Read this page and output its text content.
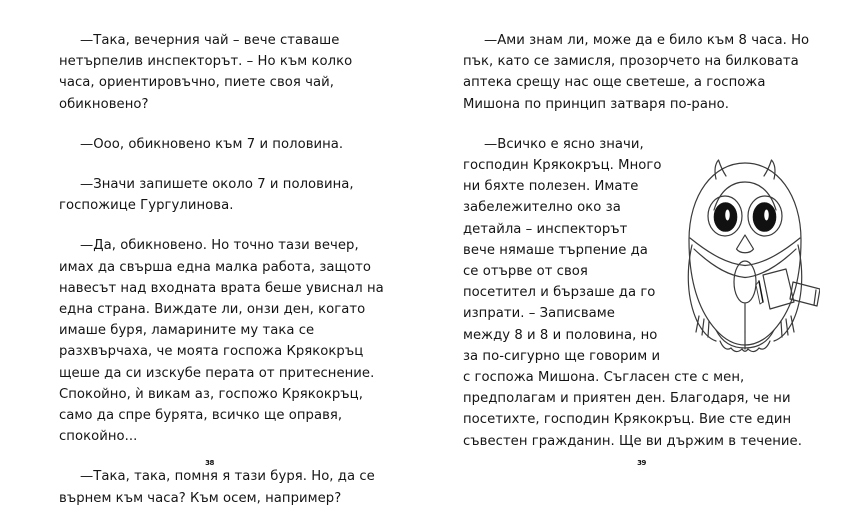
—Така, вечерния чай – вече ставаше нетърпелив инспекторът. – Но към колко часа, ориентировъчно, пиете своя чай, обикновено?

—Ооо, обикновено към 7 и половина.

—Значи запишете около 7 и половина, госпожице Гургулинова.

—Да, обикновено. Но точно тази вечер, имах да свърша една малка работа, защото навесът над входната врата беше увиснал на една страна. Виждате ли, онзи ден, когато имаше буря, ламарините му така се разхвърчаха, че моята госпожа Крякокръц щеше да си изскубе перата от притеснение. Спокойно, ѝ викам аз, госпожо Крякокръц, само да спре бурята, всичко ще оправя, спокойно...

—Така, така, помня я тази буря. Но, да се върнем към часа? Към осем, например?

38

—Ами знам ли, може да е било към 8 часа. Но пък, като се замисля, прозорчето на билковата аптека срещу нас още светеше, а госпожа Мишона по принцип затваря по-рано.

—Всичко е ясно значи, господин Крякокръц. Много ни бяхте полезен. Имате забележително око за детайла – инспекторът вече нямаше търпение да се отърве от своя посетител и бързаше да го изпрати. – Записваме между 8 и 8 и половина, но за по-сигурно ще говорим и с госпожа Мишона. Съгласен сте с мен, предполагам и приятен ден. Благодаря, че ни посетихте, господин Крякокръц. Вие сте един съвестен гражданин. Ще ви държим в течение.

39
